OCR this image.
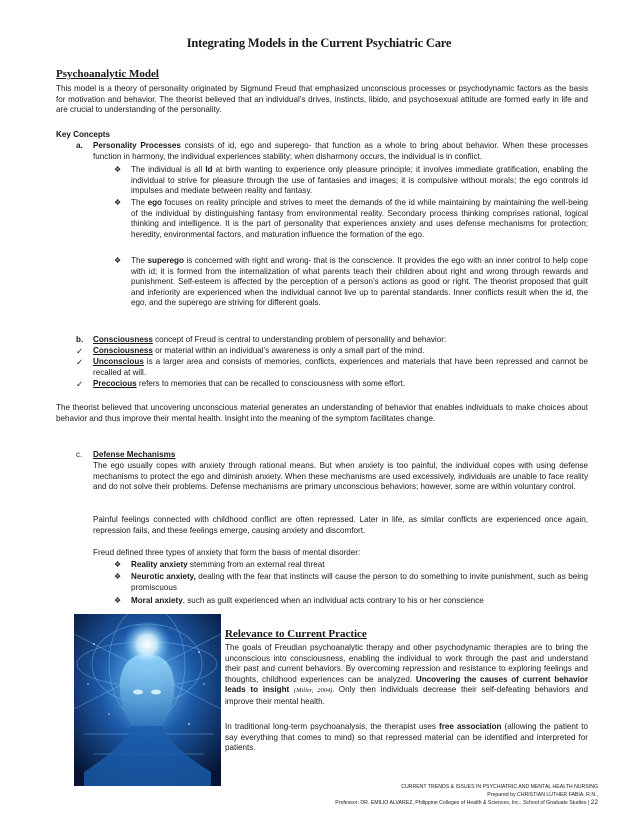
Integrating Models in the Current Psychiatric Care
Psychoanalytic Model

This model is a theory of personality originated by Sigmund Freud that emphasized unconscious processes or psychodynamic factors as the basis for motivation and behavior. The theorist believed that an individual’s drives, instincts, libido, and psychosexual attitude are formed early in life and are crucial to understanding of the personality.

Key Concepts
a. Personality Processes consists of id, ego and superego- that function as a whole to bring about behavior. When these processes function in harmony, the individual experiences stability; when disharmony occurs, the individual is in conflict.

❖ The individual is all Id at birth wanting to experience only pleasure principle; it involves immediate gratification, enabling the individual to strive for pleasure through the use of fantasies and images; it is compulsive without morals; the ego controls id impulses and mediate between reality and fantasy.

❖ The ego focuses on reality principle and strives to meet the demands of the id while maintaining by maintaining the well-being of the individual by distinguishing fantasy from environmental reality. Secondary process thinking comprises rational, logical thinking and intelligence. It is the part of personality that experiences anxiety and uses defense mechanisms for protection; heredity, environmental factors, and maturation influence the formation of the ego.

❖ The superego is concerned with right and wrong- that is the conscience. It provides the ego with an inner control to help cope with id; it is formed from the internalization of what parents teach their children about right and wrong through rewards and punishment. Self-esteem is affected by the perception of a person’s actions as good or right. The theorist proposed that guilt and inferiority are experienced when the individual cannot live up to parental standards. Inner conflicts result when the id, the ego, and the superego are striving for different goals.

b. Consciousness concept of Freud is central to understanding problem of personality and behavior:

✓ Consciousness or material within an individual’s awareness is only a small part of the mind.

✓ Unconscious is a larger area and consists of memories, conflicts, experiences and materials that have been repressed and cannot be recalled at will.

✓ Precocious refers to memories that can be recalled to consciousness with some effort.

The theorist believed that uncovering unconscious material generates an understanding of behavior that enables individuals to make choices about behavior and thus improve their mental health. Insight into the meaning of the symptom facilitates change.

c. Defense Mechanisms

The ego usually copes with anxiety through rational means. But when anxiety is too painful, the individual copes with using defense mechanisms to protect the ego and diminish anxiety. When these mechanisms are used excessively, individuals are unable to face reality and do not solve their problems. Defense mechanisms are primary unconscious behaviors; however, some are within voluntary control.

Painful feelings connected with childhood conflict are often repressed. Later in life, as similar conflicts are experienced once again, repression fails, and these feelings emerge, causing anxiety and discomfort.

Freud defined three types of anxiety that form the basis of mental disorder:

❖ Reality anxiety stemming from an external real threat

❖ Neurotic anxiety, dealing with the fear that instincts will cause the person to do something to invite punishment, such as being promiscuous

❖ Moral anxiety, such as guilt experienced when an individual acts contrary to his or her conscience

Relevance to Current Practice

The goals of Freudian psychoanalytic therapy and other psychodynamic therapies are to bring the unconscious into consciousness, enabling the individual to work through the past and understand their past and current behaviors. By overcoming repression and resistance to exploring feelings and thoughts, childhood experiences can be analyzed. Uncovering the causes of current behavior leads to insight (Miller, 2004). Only then individuals decrease their self-defeating behaviors and improve their mental health.

In traditional long-term psychoanalysis, the therapist uses free association (allowing the patient to say everything that comes to mind) so that repressed material can be identified and interpreted for patients.

CURRENT TRENDS & ISSUES IN PSYCHIATRIC AND MENTAL HEALTH NURSING
Prepared by CHRISTIAN LUTHER FABIA, R.N.,
Professor: DR. EMILIO ALVAREZ, Philippine Colleges of Health & Sciences, Inc., School of Graduate Studies | 22
